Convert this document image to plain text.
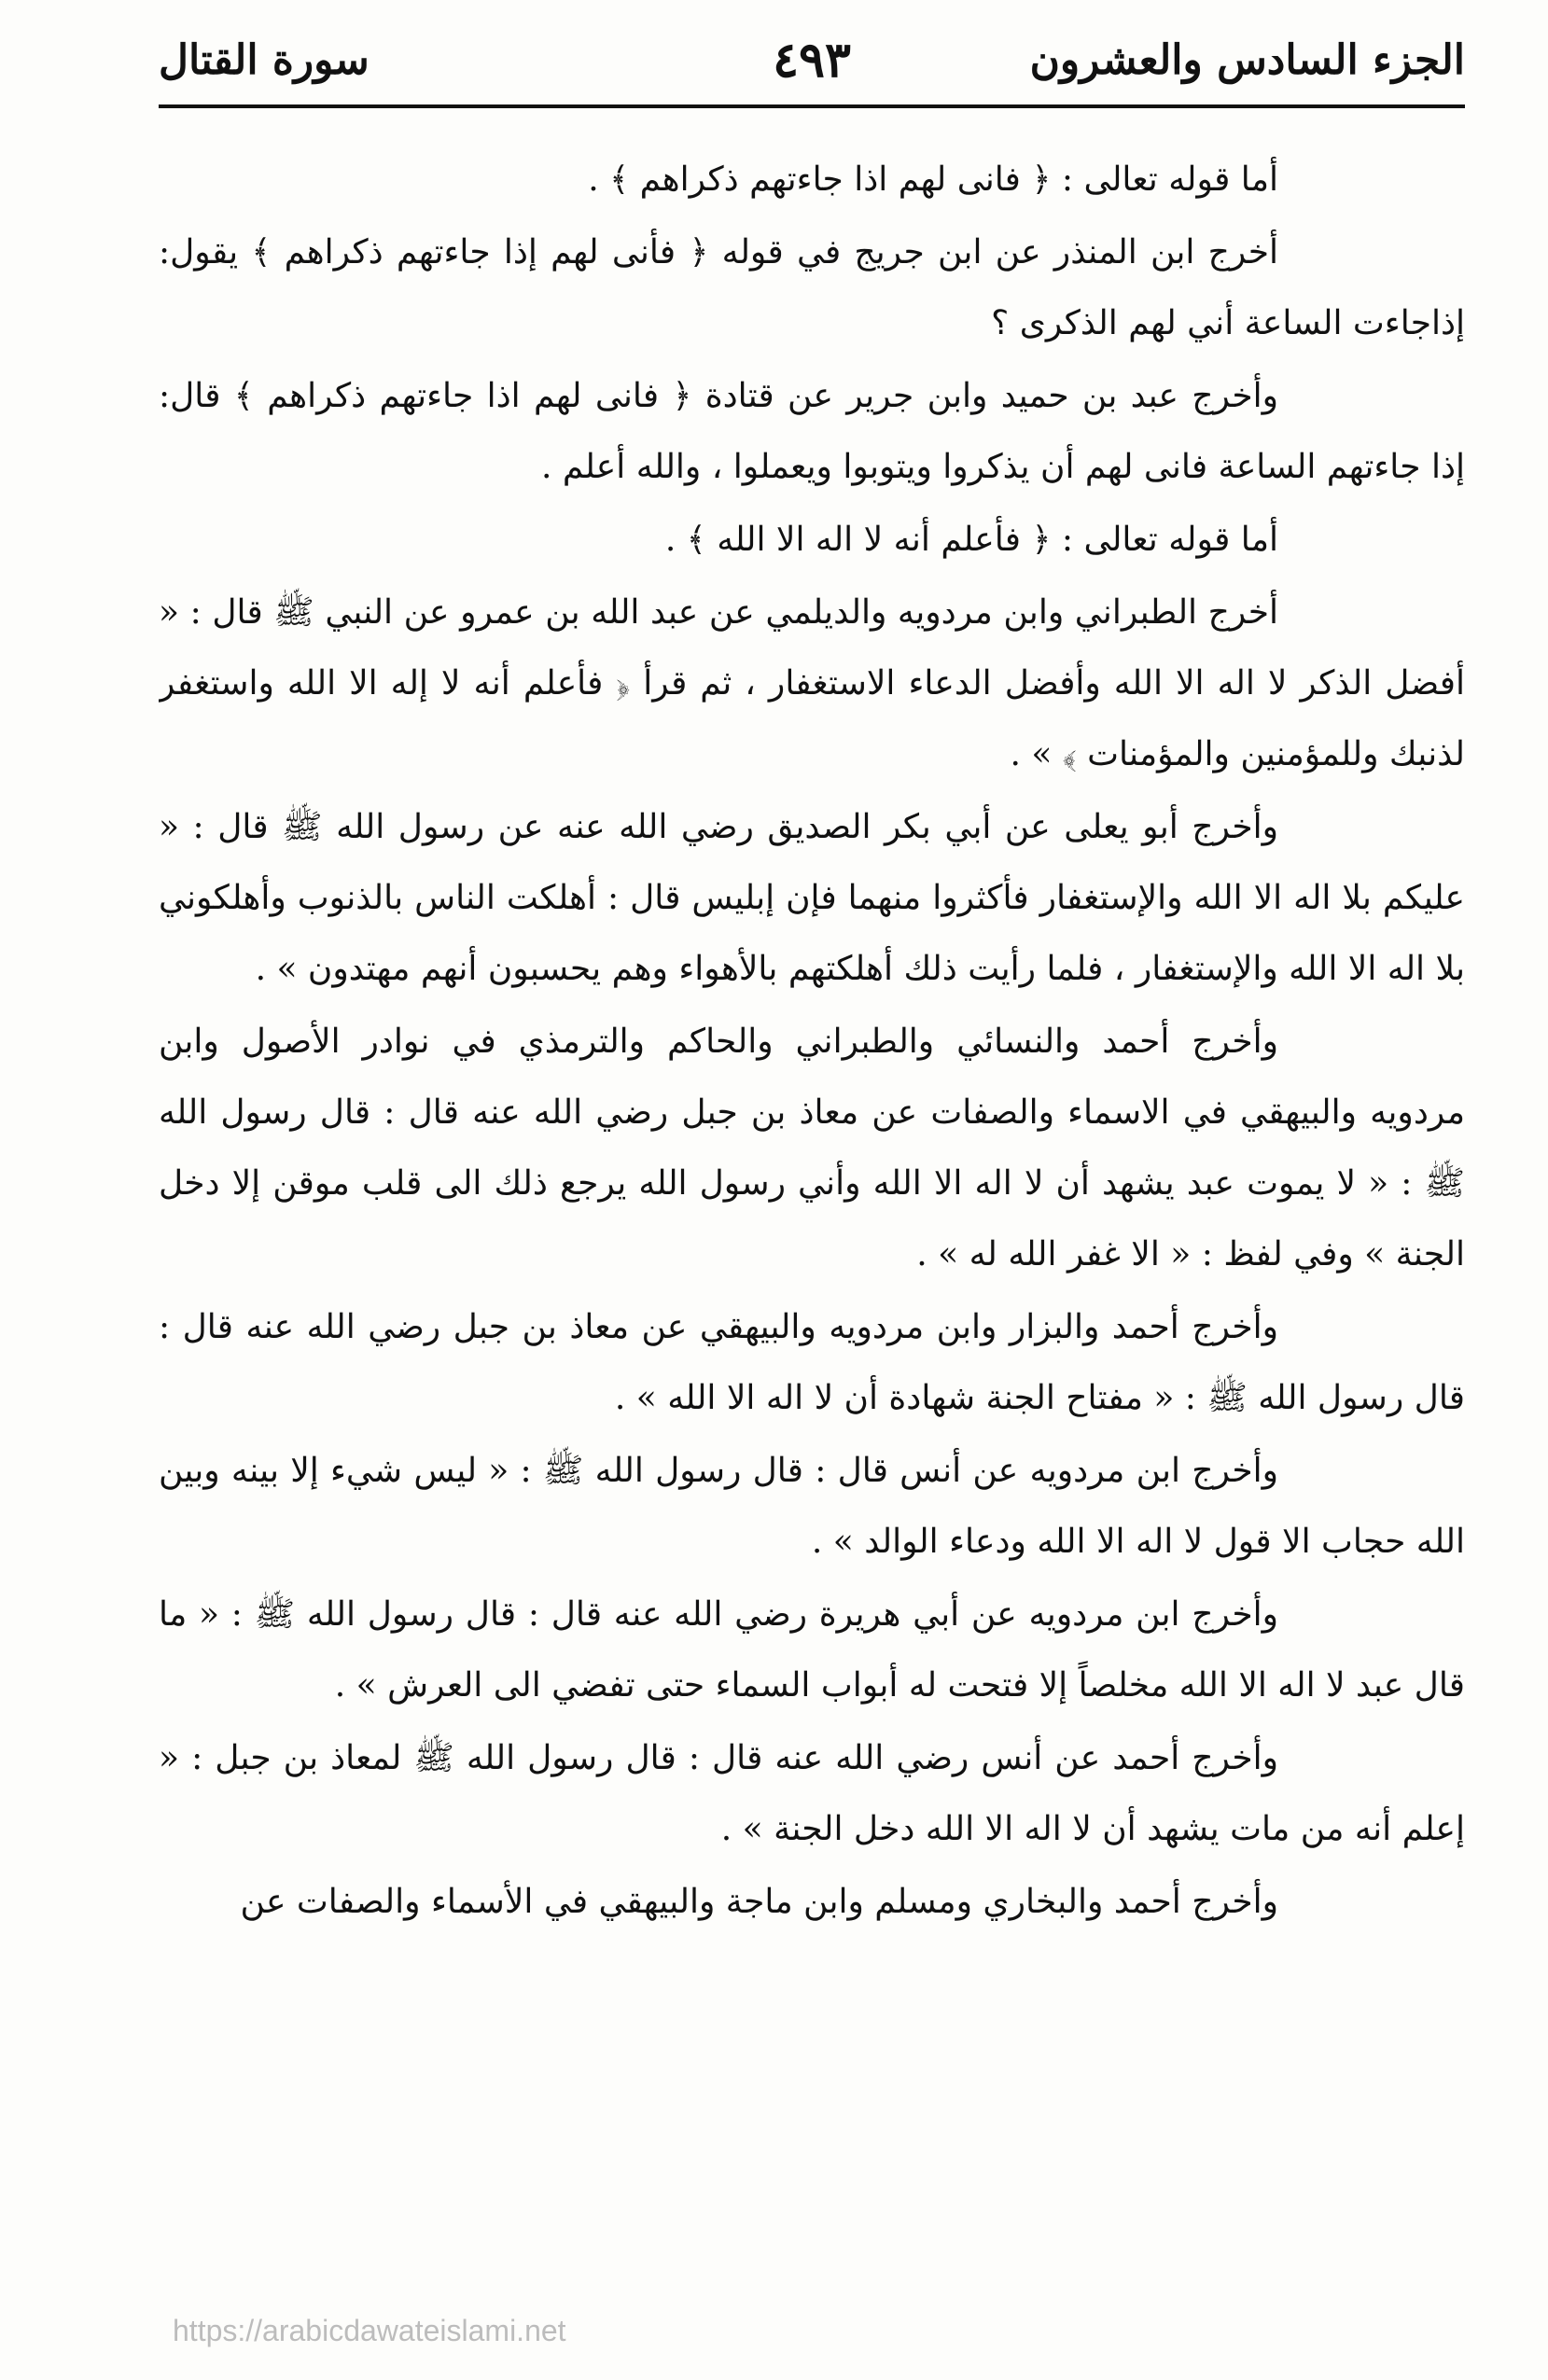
الجزء السادس والعشرون
٤٩٣
سورة القتال

أما قوله تعالى : ﴿ فانى لهم اذا جاءتهم ذكراهم ﴾ .

أخرج ابن المنذر عن ابن جريج في قوله ﴿ فأنى لهم إذا جاءتهم ذكراهم ﴾ يقول: إذاجاءت الساعة أني لهم الذكرى ؟

وأخرج عبد بن حميد وابن جرير عن قتادة ﴿ فانى لهم اذا جاءتهم ذكراهم ﴾ قال: إذا جاءتهم الساعة فانى لهم أن يذكروا ويتوبوا ويعملوا ، والله أعلم .

أما قوله تعالى : ﴿ فأعلم أنه لا اله الا الله ﴾ .

أخرج الطبراني وابن مردويه والديلمي عن عبد الله بن عمرو عن النبي ﷺ قال : « أفضل الذكر لا اله الا الله وأفضل الدعاء الاستغفار ، ثم قرأ ﴿ فأعلم أنه لا إله الا الله واستغفر لذنبك وللمؤمنين والمؤمنات ﴾ » .

وأخرج أبو يعلى عن أبي بكر الصديق رضي الله عنه عن رسول الله ﷺ قال : « عليكم بلا اله الا الله والإستغفار فأكثروا منهما فإن إبليس قال : أهلكت الناس بالذنوب وأهلكوني بلا اله الا الله والإستغفار ، فلما رأيت ذلك أهلكتهم بالأهواء وهم يحسبون أنهم مهتدون » .

وأخرج أحمد والنسائي والطبراني والحاكم والترمذي في نوادر الأصول وابن مردويه والبيهقي في الاسماء والصفات عن معاذ بن جبل رضي الله عنه قال : قال رسول الله ﷺ : « لا يموت عبد يشهد أن لا اله الا الله وأني رسول الله يرجع ذلك الى قلب موقن إلا دخل الجنة » وفي لفظ : « الا غفر الله له » .

وأخرج أحمد والبزار وابن مردويه والبيهقي عن معاذ بن جبل رضي الله عنه قال : قال رسول الله ﷺ : « مفتاح الجنة شهادة أن لا اله الا الله » .

وأخرج ابن مردويه عن أنس قال : قال رسول الله ﷺ : « ليس شيء إلا بينه وبين الله حجاب الا قول لا اله الا الله ودعاء الوالد » .

وأخرج ابن مردويه عن أبي هريرة رضي الله عنه قال : قال رسول الله ﷺ : « ما قال عبد لا اله الا الله مخلصاً إلا فتحت له أبواب السماء حتى تفضي الى العرش » .

وأخرج أحمد عن أنس رضي الله عنه قال : قال رسول الله ﷺ لمعاذ بن جبل : « إعلم أنه من مات يشهد أن لا اله الا الله دخل الجنة » .

وأخرج أحمد والبخاري ومسلم وابن ماجة والبيهقي في الأسماء والصفات عن

https://arabicdawateislami.net
